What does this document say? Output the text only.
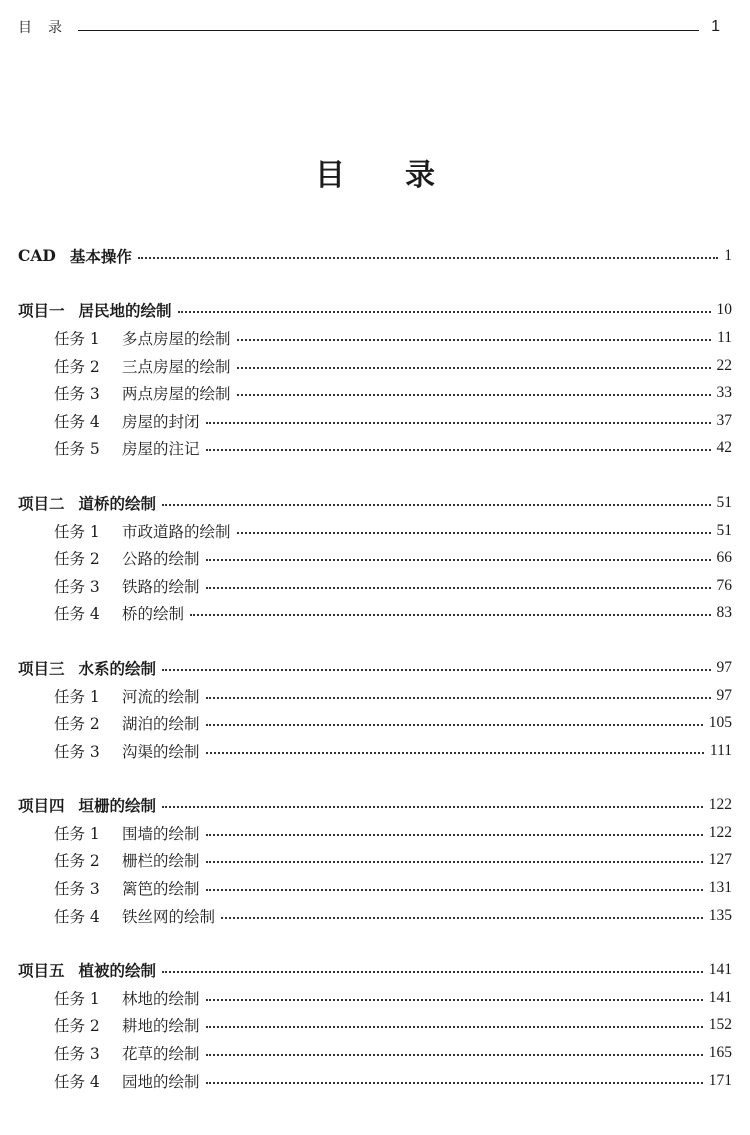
目录	1
目录
CAD 基本操作	1
项目一 居民地的绘制	10
任务 1	多点房屋的绘制	11
任务 2	三点房屋的绘制	22
任务 3	两点房屋的绘制	33
任务 4	房屋的封闭	37
任务 5	房屋的注记	42
项目二 道桥的绘制	51
任务 1	市政道路的绘制	51
任务 2	公路的绘制	66
任务 3	铁路的绘制	76
任务 4	桥的绘制	83
项目三 水系的绘制	97
任务 1	河流的绘制	97
任务 2	湖泊的绘制	105
任务 3	沟渠的绘制	111
项目四 垣栅的绘制	122
任务 1	围墙的绘制	122
任务 2	栅栏的绘制	127
任务 3	篱笆的绘制	131
任务 4	铁丝网的绘制	135
项目五 植被的绘制	141
任务 1	林地的绘制	141
任务 2	耕地的绘制	152
任务 3	花草的绘制	165
任务 4	园地的绘制	171
